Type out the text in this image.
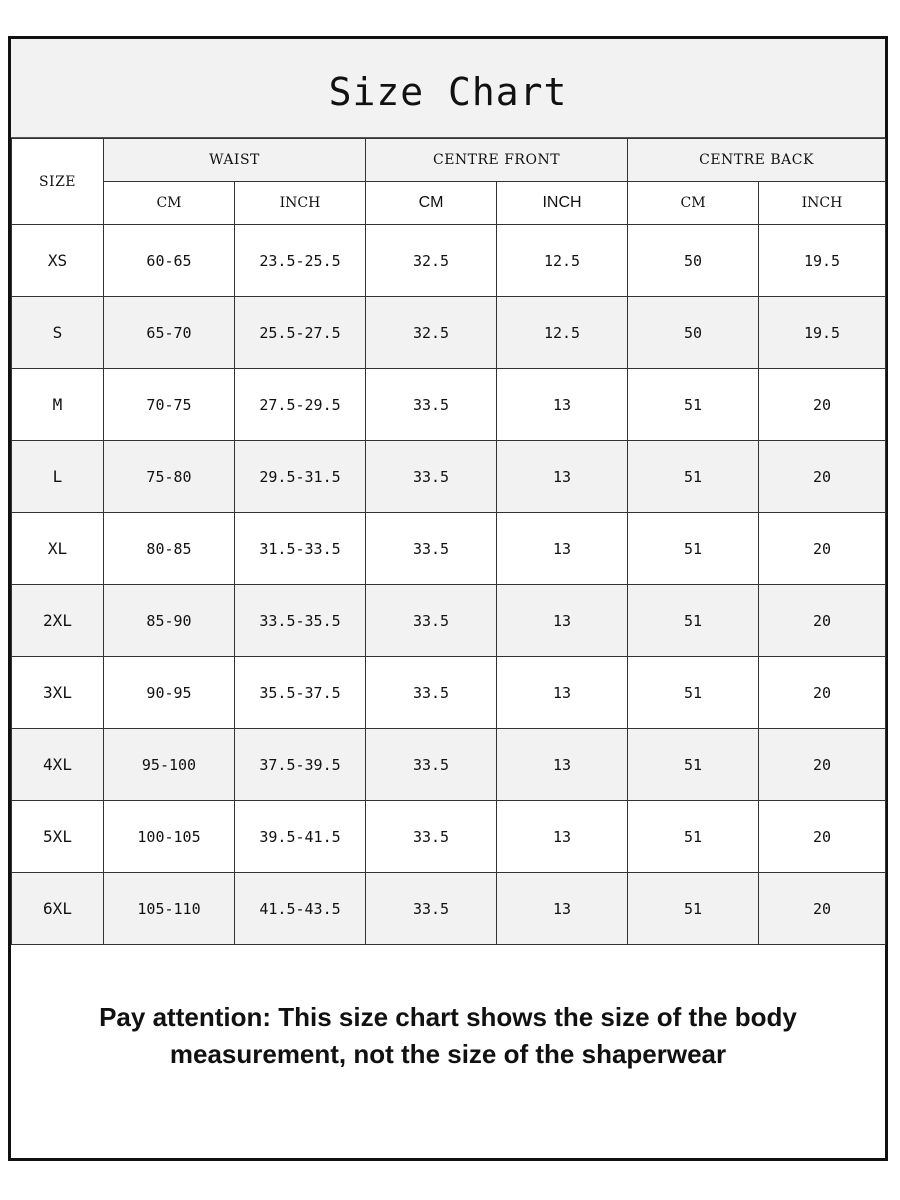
Size Chart
SIZE	WAIST		CENTRE FRONT		CENTRE BACK	
	CM	INCH	CM	INCH	CM	INCH
XS	60-65	23.5-25.5	32.5	12.5	50	19.5
S	65-70	25.5-27.5	32.5	12.5	50	19.5
M	70-75	27.5-29.5	33.5	13	51	20
L	75-80	29.5-31.5	33.5	13	51	20
XL	80-85	31.5-33.5	33.5	13	51	20
2XL	85-90	33.5-35.5	33.5	13	51	20
3XL	90-95	35.5-37.5	33.5	13	51	20
4XL	95-100	37.5-39.5	33.5	13	51	20
5XL	100-105	39.5-41.5	33.5	13	51	20
6XL	105-110	41.5-43.5	33.5	13	51	20
Pay attention: This size chart shows the size of the body
measurement, not the size of the shaperwear
